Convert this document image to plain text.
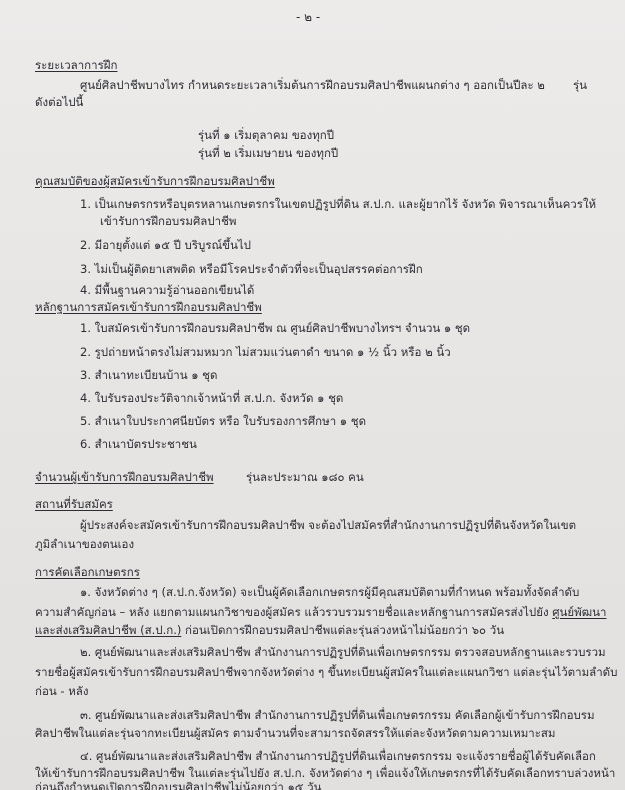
- ๒ -
ระยะเวลาการฝึก
ศูนย์ศิลปาชีพบางไทร กำหนดระยะเวลาเริ่มต้นการฝึกอบรมศิลปาชีพแผนกต่าง ๆ ออกเป็นปีละ ๒ รุ่น
ดังต่อไปนี้
รุ่นที่ ๑ เริ่มตุลาคม ของทุกปี
รุ่นที่ ๒ เริ่มเมษายน ของทุกปี
คุณสมบัติของผู้สมัครเข้ารับการฝึกอบรมศิลปาชีพ
1. เป็นเกษตรกรหรือบุตรหลานเกษตรกรในเขตปฏิรูปที่ดิน ส.ป.ก. และผู้ยากไร้ จังหวัด พิจารณาเห็นควรให้
เข้ารับการฝึกอบรมศิลปาชีพ
2. มีอายุตั้งแต่ ๑๕ ปี บริบูรณ์ขึ้นไป
3. ไม่เป็นผู้ติดยาเสพติด หรือมีโรคประจำตัวที่จะเป็นอุปสรรคต่อการฝึก
4. มีพื้นฐานความรู้อ่านออกเขียนได้
หลักฐานการสมัครเข้ารับการฝึกอบรมศิลปาชีพ
1. ใบสมัครเข้ารับการฝึกอบรมศิลปาชีพ ณ ศูนย์ศิลปาชีพบางไทรฯ จำนวน ๑ ชุด
2. รูปถ่ายหน้าตรงไม่สวมหมวก ไม่สวมแว่นตาดำ ขนาด ๑ ½ นิ้ว หรือ ๒ นิ้ว
3. สำเนาทะเบียนบ้าน ๑ ชุด
4. ใบรับรองประวัติจากเจ้าหน้าที่ ส.ป.ก. จังหวัด ๑ ชุด
5. สำเนาใบประกาศนียบัตร หรือ ใบรับรองการศึกษา ๑ ชุด
6. สำเนาบัตรประชาชน
จำนวนผู้เข้ารับการฝึกอบรมศิลปาชีพ	รุ่นละประมาณ ๑๘๐ คน
สถานที่รับสมัคร
ผู้ประสงค์จะสมัครเข้ารับการฝึกอบรมศิลปาชีพ จะต้องไปสมัครที่สำนักงานการปฏิรูปที่ดินจังหวัดในเขต
ภูมิลำเนาของตนเอง
การคัดเลือกเกษตรกร
๑. จังหวัดต่าง ๆ (ส.ป.ก.จังหวัด) จะเป็นผู้คัดเลือกเกษตรกรผู้มีคุณสมบัติตามที่กำหนด พร้อมทั้งจัดลำดับ
ความสำคัญก่อน – หลัง แยกตามแผนกวิชาของผู้สมัคร แล้วรวบรวมรายชื่อและหลักฐานการสมัครส่งไปยัง ศูนย์พัฒนา
และส่งเสริมศิลปาชีพ (ส.ป.ก.) ก่อนเปิดการฝึกอบรมศิลปาชีพแต่ละรุ่นล่วงหน้าไม่น้อยกว่า ๖๐ วัน
๒. ศูนย์พัฒนาและส่งเสริมศิลปาชีพ สำนักงานการปฏิรูปที่ดินเพื่อเกษตรกรรม ตรวจสอบหลักฐานและรวบรวม
รายชื่อผู้สมัครเข้ารับการฝึกอบรมศิลปาชีพจากจังหวัดต่าง ๆ ขึ้นทะเบียนผู้สมัครในแต่ละแผนกวิชา แต่ละรุ่นไว้ตามลำดับ
ก่อน - หลัง
๓. ศูนย์พัฒนาและส่งเสริมศิลปาชีพ สำนักงานการปฏิรูปที่ดินเพื่อเกษตรกรรม คัดเลือกผู้เข้ารับการฝึกอบรม
ศิลปาชีพในแต่ละรุ่นจากทะเบียนผู้สมัคร ตามจำนวนที่จะสามารถจัดสรรให้แต่ละจังหวัดตามความเหมาะสม
๔. ศูนย์พัฒนาและส่งเสริมศิลปาชีพ สำนักงานการปฏิรูปที่ดินเพื่อเกษตรกรรม จะแจ้งรายชื่อผู้ได้รับคัดเลือก
ให้เข้ารับการฝึกอบรมศิลปาชีพ ในแต่ละรุ่นไปยัง ส.ป.ก. จังหวัดต่าง ๆ เพื่อแจ้งให้เกษตรกรที่ได้รับคัดเลือกทราบล่วงหน้า
ก่อนถึงกำหนดเปิดการฝึกอบรมศิลปาชีพไม่น้อยกว่า ๑๕ วัน
